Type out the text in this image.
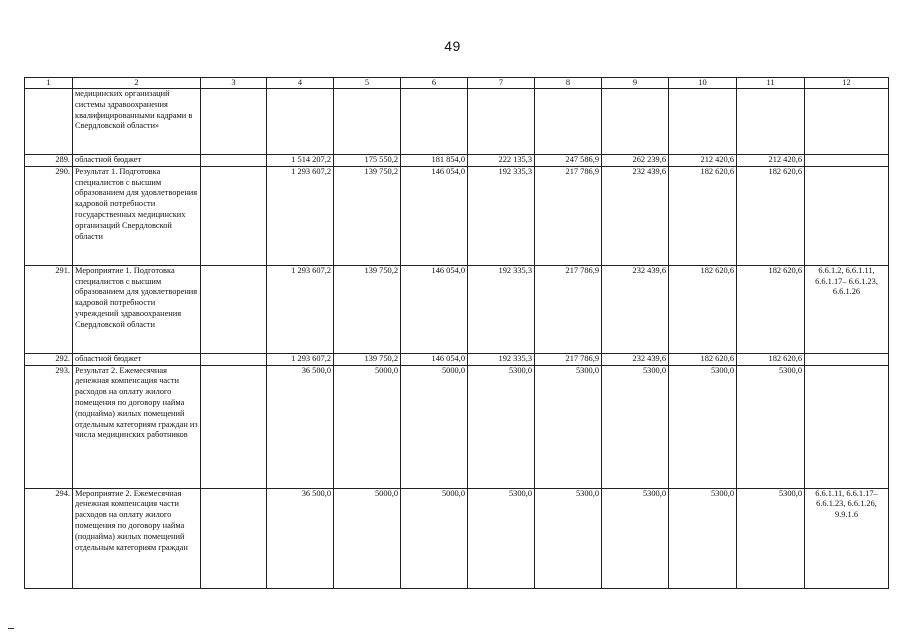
49
1	2	3	4	5	6	7	8	9	10	11	12
	медицинских организаций системы здравоохранения квалифицированными кадрами в Свердловской области»										
289.	областной бюджет		1 514 207,2	175 550,2	181 854,0	222 135,3	247 586,9	262 239,6	212 420,6	212 420,6	
290.	Результат 1. Подготовка специалистов с высшим образованием для удовлетворения кадровой потребности государственных медицинских организаций Свердловской области		1 293 607,2	139 750,2	146 054,0	192 335,3	217 786,9	232 439,6	182 620,6	182 620,6	
291.	Мероприятие 1. Подготовка специалистов с высшим образованием для удовлетворения кадровой потребности учреждений здравоохранения Свердловской области		1 293 607,2	139 750,2	146 054,0	192 335,3	217 786,9	232 439,6	182 620,6	182 620,6	6.6.1.2, 6.6.1.11, 6.6.1.17– 6.6.1.23, 6.6.1.26
292.	областной бюджет		1 293 607,2	139 750,2	146 054,0	192 335,3	217 786,9	232 439,6	182 620,6	182 620,6	
293.	Результат 2. Ежемесячная денежная компенсация части расходов на оплату жилого помещения по договору найма (поднайма) жилых помещений отдельным категориям граждан из числа медицинских работников		36 500,0	5000,0	5000,0	5300,0	5300,0	5300,0	5300,0	5300,0	
294.	Мероприятие 2. Ежемесячная денежная компенсация части расходов на оплату жилого помещения по договору найма (поднайма) жилых помещений отдельным категориям граждан		36 500,0	5000,0	5000,0	5300,0	5300,0	5300,0	5300,0	5300,0	6.6.1.11, 6.6.1.17– 6.6.1.23, 6.6.1.26, 9.9.1.6
